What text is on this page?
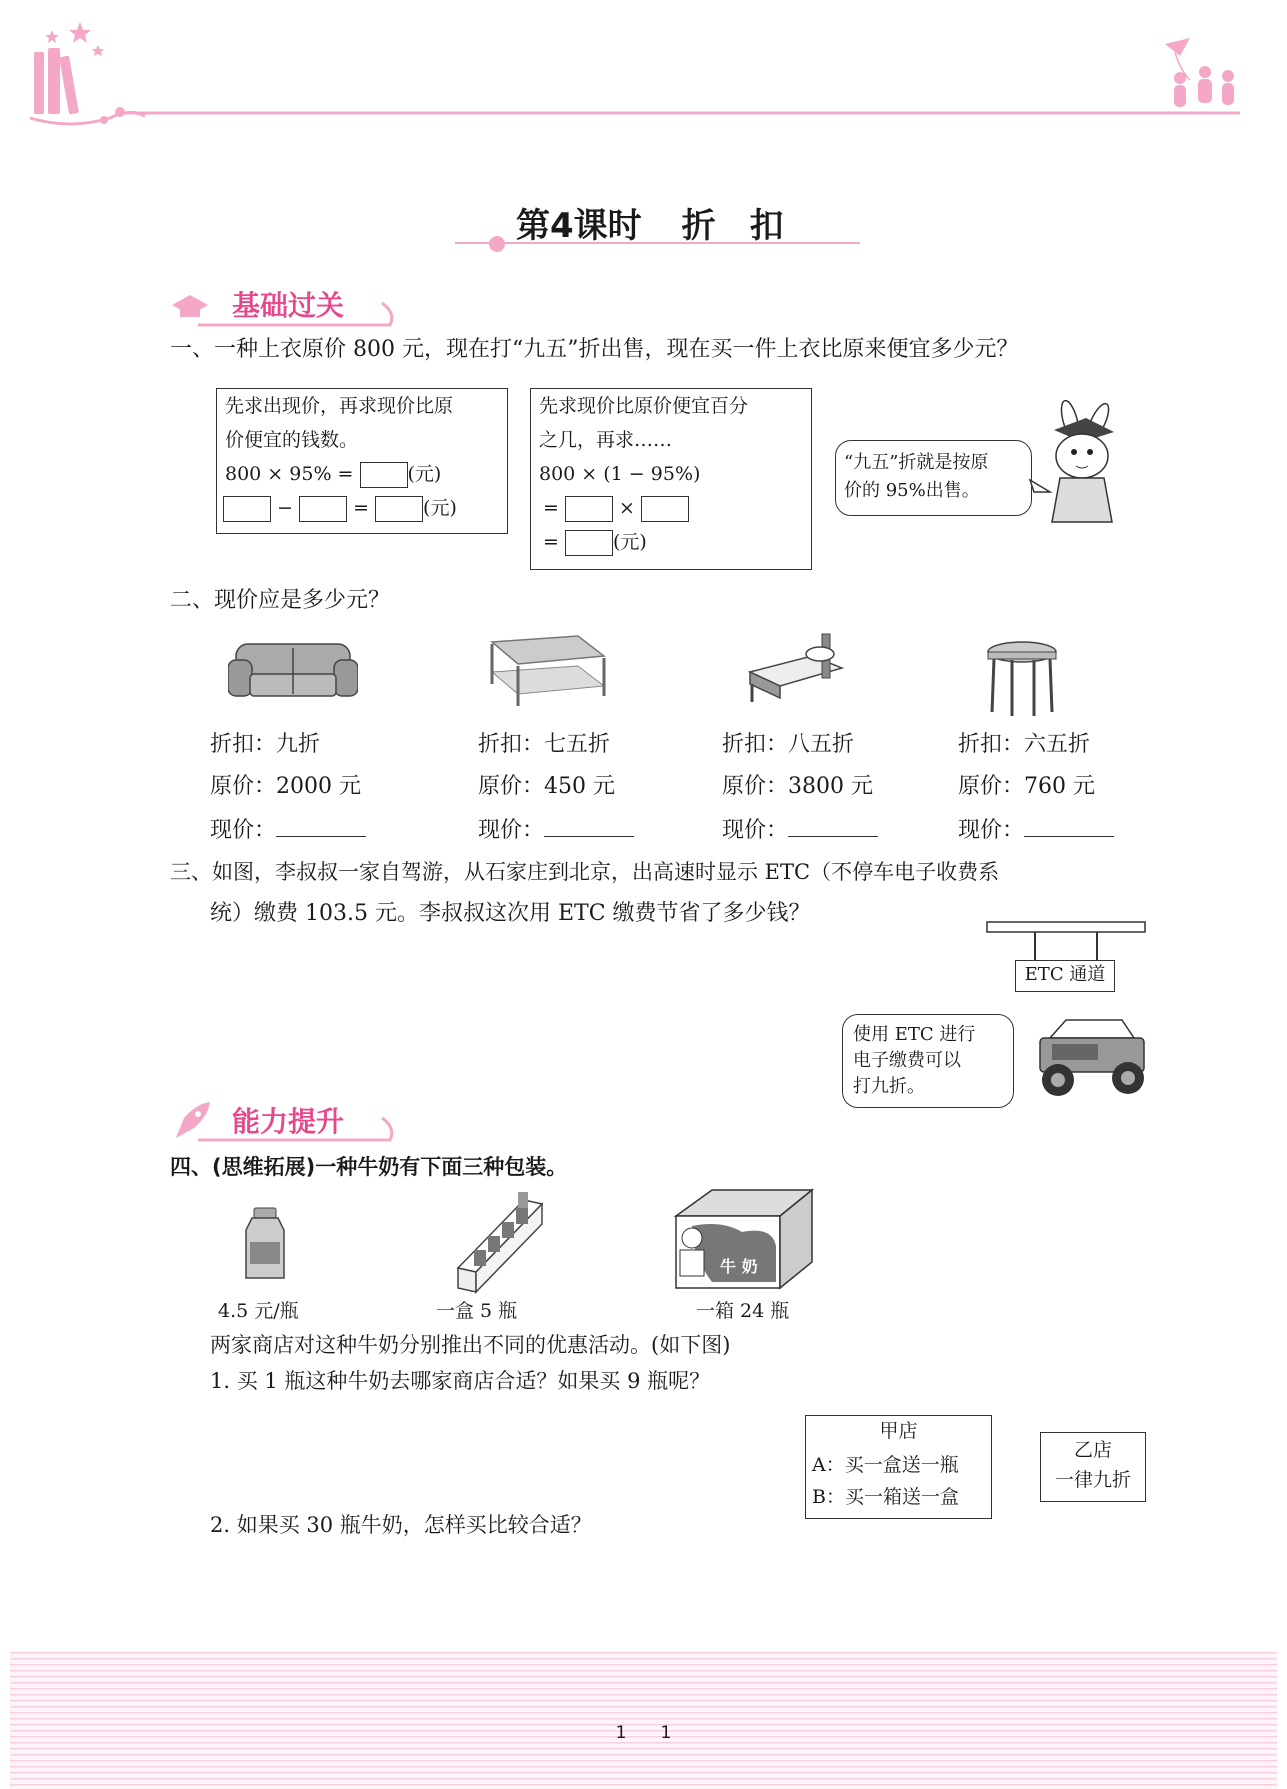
第4课时 折　扣
基础过关
一、一种上衣原价 800 元，现在打“九五”折出售，现在买一件上衣比原来便宜多少元？
先求出现价，再求现价比原
价便宜的钱数。
800 × 95% =	(元)
−	=	(元)
先求现价比原价便宜百分
之几，再求……
800 × (1 − 95%)
=	×
=	(元)
“九五”折就是按原
价的 95%出售。
二、现价应是多少元？
折扣：九折
原价：2000 元
现价：
折扣：七五折
原价：450 元
现价：
折扣：八五折
原价：3800 元
现价：
折扣：六五折
原价：760 元
现价：
三、如图，李叔叔一家自驾游，从石家庄到北京，出高速时显示 ETC（不停车电子收费系
统）缴费 103.5 元。李叔叔这次用 ETC 缴费节省了多少钱？
ETC 通道
使用 ETC 进行
电子缴费可以
打九折。
能力提升
四、(思维拓展)一种牛奶有下面三种包装。
牛 奶
4.5 元/瓶	一盒 5 瓶	一箱 24 瓶
两家商店对这种牛奶分别推出不同的优惠活动。(如下图)
1. 买 1 瓶这种牛奶去哪家商店合适？如果买 9 瓶呢？
甲店
A：买一盒送一瓶
B：买一箱送一盒
乙店
一律九折
2. 如果买 30 瓶牛奶，怎样买比较合适？
1　　1
